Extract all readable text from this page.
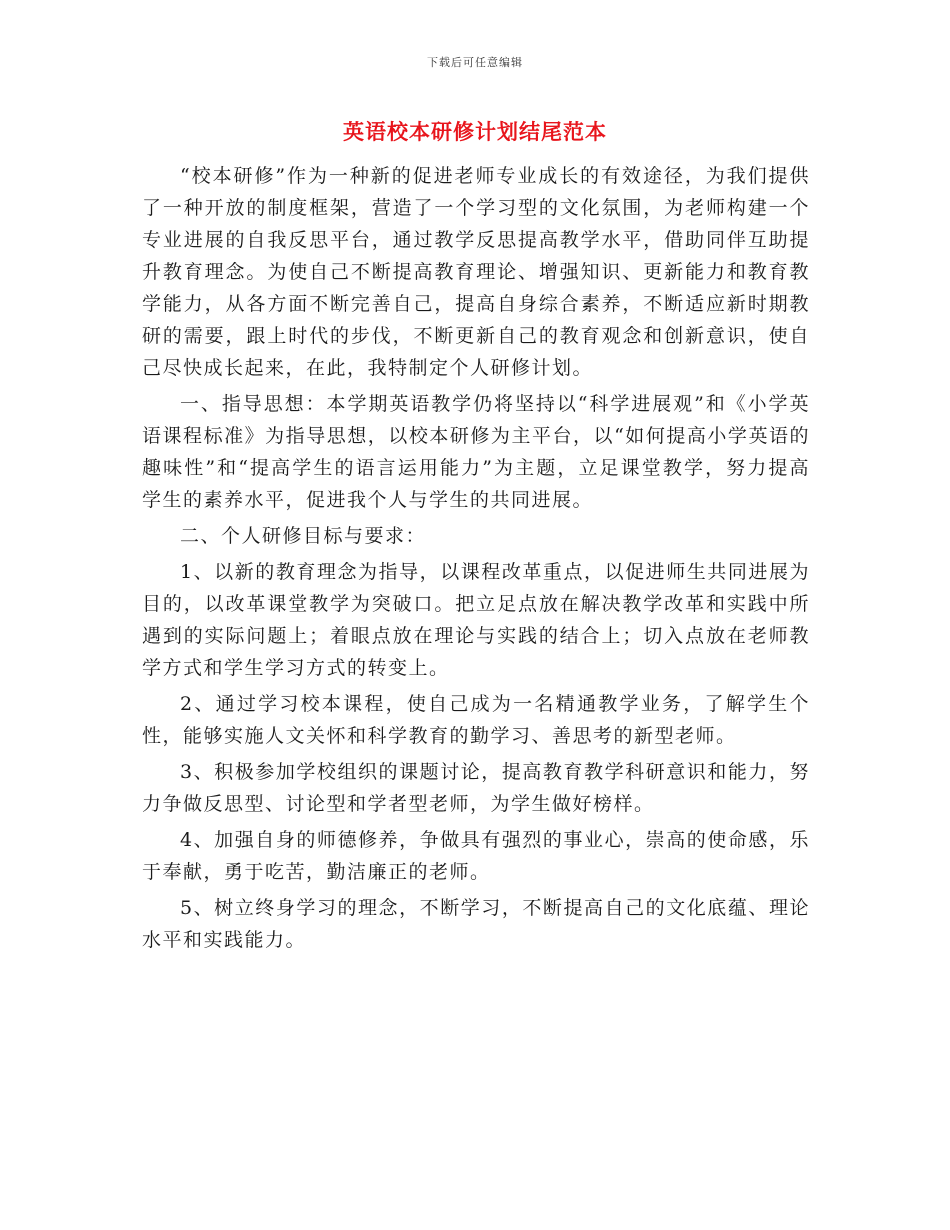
下载后可任意编辑
英语校本研修计划结尾范本

“校本研修”作为一种新的促进老师专业成长的有效途径，为我们提供了一种开放的制度框架，营造了一个学习型的文化氛围，为老师构建一个专业进展的自我反思平台，通过教学反思提高教学水平，借助同伴互助提升教育理念。为使自己不断提高教育理论、增强知识、更新能力和教育教学能力，从各方面不断完善自己，提高自身综合素养，不断适应新时期教研的需要，跟上时代的步伐，不断更新自己的教育观念和创新意识，使自己尽快成长起来，在此，我特制定个人研修计划。

一、指导思想：本学期英语教学仍将坚持以“科学进展观”和《小学英语课程标准》为指导思想，以校本研修为主平台，以“如何提高小学英语的趣味性”和“提高学生的语言运用能力”为主题，立足课堂教学，努力提高学生的素养水平，促进我个人与学生的共同进展。

二、个人研修目标与要求：

1、以新的教育理念为指导，以课程改革重点，以促进师生共同进展为目的，以改革课堂教学为突破口。把立足点放在解决教学改革和实践中所遇到的实际问题上；着眼点放在理论与实践的结合上；切入点放在老师教学方式和学生学习方式的转变上。

2、通过学习校本课程，使自己成为一名精通教学业务，了解学生个性，能够实施人文关怀和科学教育的勤学习、善思考的新型老师。

3、积极参加学校组织的课题讨论，提高教育教学科研意识和能力，努力争做反思型、讨论型和学者型老师，为学生做好榜样。

4、加强自身的师德修养，争做具有强烈的事业心，崇高的使命感，乐于奉献，勇于吃苦，勤洁廉正的老师。

5、树立终身学习的理念，不断学习，不断提高自己的文化底蕴、理论水平和实践能力。
